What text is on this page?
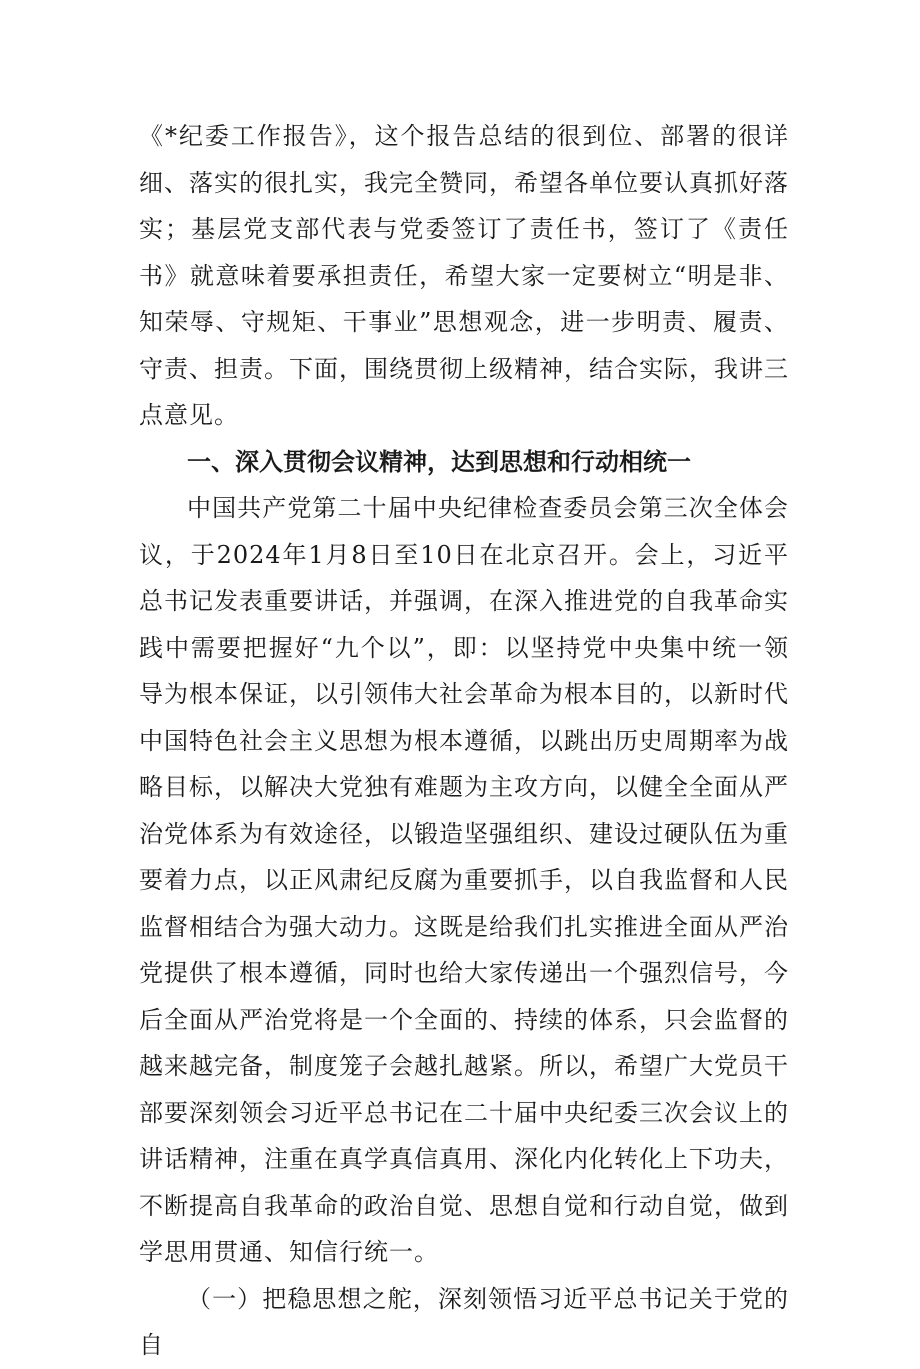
《*纪委工作报告》，这个报告总结的很到位、部署的很详细、落实的很扎实，我完全赞同，希望各单位要认真抓好落实；基层党支部代表与党委签订了责任书，签订了《责任书》就意味着要承担责任，希望大家一定要树立“明是非、知荣辱、守规矩、干事业”思想观念，进一步明责、履责、守责、担责。下面，围绕贯彻上级精神，结合实际，我讲三点意见。

一、深入贯彻会议精神，达到思想和行动相统一

中国共产党第二十届中央纪律检查委员会第三次全体会议，于2024年1月8日至10日在北京召开。会上，习近平总书记发表重要讲话，并强调，在深入推进党的自我革命实践中需要把握好“九个以”，即：以坚持党中央集中统一领导为根本保证，以引领伟大社会革命为根本目的，以新时代中国特色社会主义思想为根本遵循，以跳出历史周期率为战略目标，以解决大党独有难题为主攻方向，以健全全面从严治党体系为有效途径，以锻造坚强组织、建设过硬队伍为重要着力点，以正风肃纪反腐为重要抓手，以自我监督和人民监督相结合为强大动力。这既是给我们扎实推进全面从严治党提供了根本遵循，同时也给大家传递出一个强烈信号，今后全面从严治党将是一个全面的、持续的体系，只会监督的越来越完备，制度笼子会越扎越紧。所以，希望广大党员干部要深刻领会习近平总书记在二十届中央纪委三次会议上的讲话精神，注重在真学真信真用、深化内化转化上下功夫，不断提高自我革命的政治自觉、思想自觉和行动自觉，做到学思用贯通、知信行统一。

（一）把稳思想之舵，深刻领悟习近平总书记关于党的自
